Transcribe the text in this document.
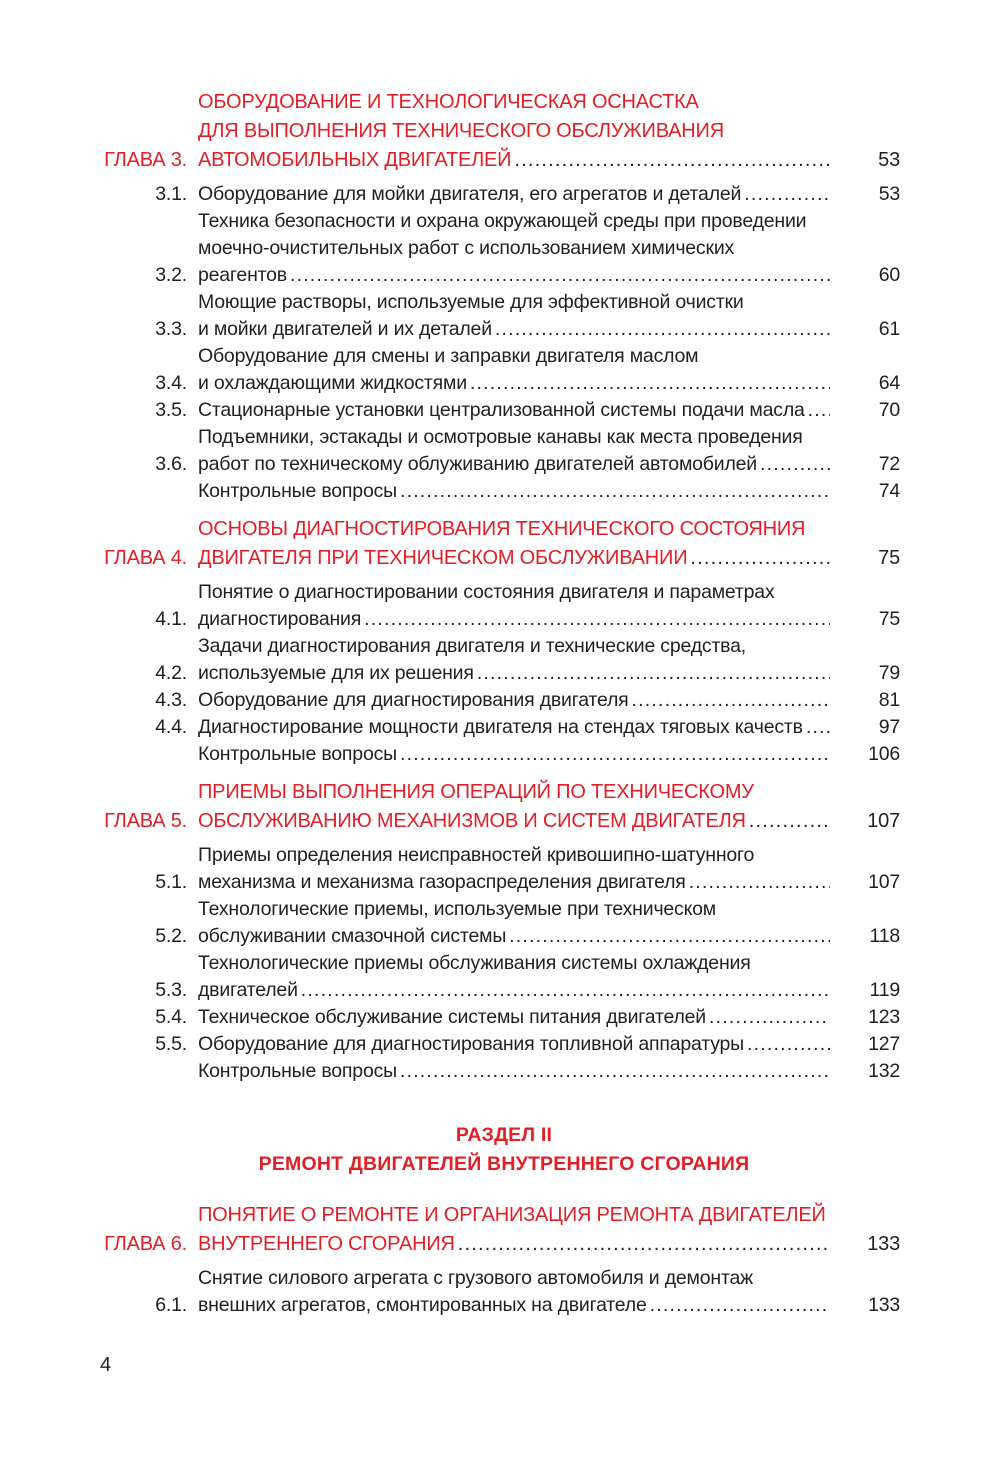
ГЛАВА 3.
ОБОРУДОВАНИЕ И ТЕХНОЛОГИЧЕСКАЯ ОСНАСТКА
ДЛЯ ВЫПОЛНЕНИЯ ТЕХНИЧЕСКОГО ОБСЛУЖИВАНИЯ
АВТОМОБИЛЬНЫХ ДВИГАТЕЛЕЙ .....	53
3.1. Оборудование для мойки двигателя, его агрегатов и деталей .....	53
3.2.
Техника безопасности и охрана окружающей среды при проведении
моечно-очистительных работ с использованием химических
реагентов .....	60
3.3.
Моющие растворы, используемые для эффективной очистки
и мойки двигателей и их деталей .....	61
3.4.
Оборудование для смены и заправки двигателя маслом
и охлаждающими жидкостями .....	64
3.5. Стационарные установки централизованной системы подачи масла .....	70
3.6.
Подъемники, эстакады и осмотровые канавы как места проведения
работ по техническому облуживанию двигателей автомобилей .....	72
Контрольные вопросы .....	74
ГЛАВА 4.
ОСНОВЫ ДИАГНОСТИРОВАНИЯ ТЕХНИЧЕСКОГО СОСТОЯНИЯ
ДВИГАТЕЛЯ ПРИ ТЕХНИЧЕСКОМ ОБСЛУЖИВАНИИ .....	75
4.1.
Понятие о диагностировании состояния двигателя и параметрах
диагностирования .....	75
4.2.
Задачи диагностирования двигателя и технические средства,
используемые для их решения .....	79
4.3. Оборудование для диагностирования двигателя .....	81
4.4. Диагностирование мощности двигателя на стендах тяговых качеств .....	97
Контрольные вопросы .....	106
ГЛАВА 5.
ПРИЕМЫ ВЫПОЛНЕНИЯ ОПЕРАЦИЙ ПО ТЕХНИЧЕСКОМУ
ОБСЛУЖИВАНИЮ МЕХАНИЗМОВ И СИСТЕМ ДВИГАТЕЛЯ .....	107
5.1.
Приемы определения неисправностей кривошипно-шатунного
механизма и механизма газораспределения двигателя .....	107
5.2.
Технологические приемы, используемые при техническом
обслуживании смазочной системы .....	118
5.3.
Технологические приемы обслуживания системы охлаждения
двигателей .....	119
5.4. Техническое обслуживание системы питания двигателей .....	123
5.5. Оборудование для диагностирования топливной аппаратуры .....	127
Контрольные вопросы .....	132
РАЗДЕЛ II
РЕМОНТ ДВИГАТЕЛЕЙ ВНУТРЕННЕГО СГОРАНИЯ
ГЛАВА 6.
ПОНЯТИЕ О РЕМОНТЕ И ОРГАНИЗАЦИЯ РЕМОНТА ДВИГАТЕЛЕЙ
ВНУТРЕННЕГО СГОРАНИЯ .....	133
6.1.
Снятие силового агрегата с грузового автомобиля и демонтаж
внешних агрегатов, смонтированных на двигателе .....	133
4
